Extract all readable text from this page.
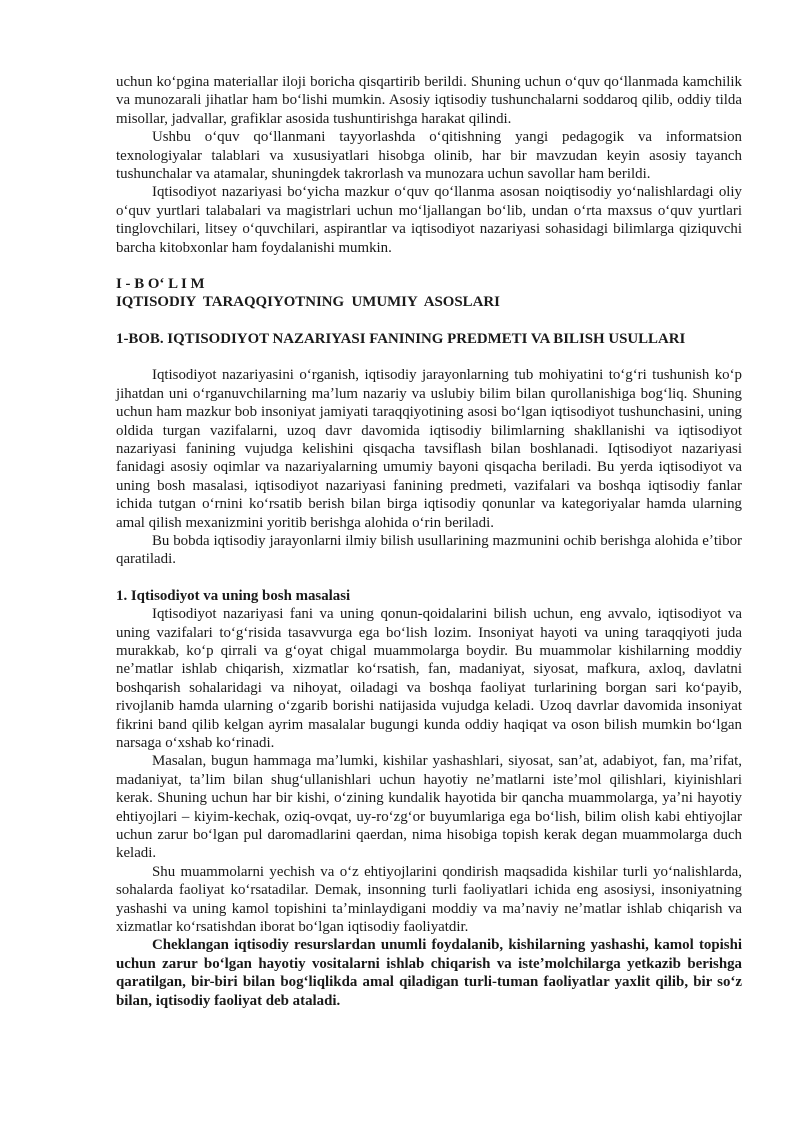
uchun koʻpgina materiallar iloji boricha qisqartirib berildi. Shuning uchun oʻquv qoʻllanmada kamchilik va munozarali jihatlar ham boʻlishi mumkin. Asosiy iqtisodiy tushunchalarni soddaroq qilib, oddiy tilda misollar, jadvallar, grafiklar asosida tushuntirishga harakat qilindi.

Ushbu oʻquv qoʻllanmani tayyorlashda oʻqitishning yangi pedagogik va informatsion texnologiyalar talablari va xususiyatlari hisobga olinib, har bir mavzudan keyin asosiy tayanch tushunchalar va atamalar, shuningdek takrorlash va munozara uchun savollar ham berildi.

Iqtisodiyot nazariyasi boʻyicha mazkur oʻquv qoʻllanma asosan noiqtisodiy yoʻnalishlardagi oliy oʻquv yurtlari talabalari va magistrlari uchun moʻljallangan boʻlib, undan oʻrta maxsus oʻquv yurtlari tinglovchilari, litsey oʻquvchilari, aspirantlar va iqtisodiyot nazariyasi sohasidagi bilimlarga qiziquvchi barcha kitobxonlar ham foydalanishi mumkin.

I - B O‘ L I M

IQTISODIY  TARAQQIYOTNING  UMUMIY  ASOSLARI

1-BOB. IQTISODIYOT NAZARIYASI FANINING PREDMETI VA BILISH USULLARI

Iqtisodiyot nazariyasini oʻrganish, iqtisodiy jarayonlarning tub mohiyatini toʻgʻri tushunish koʻp jihatdan uni oʻrganuvchilarning maʼlum nazariy va uslubiy bilim bilan qurollanishiga bogʻliq. Shuning uchun ham mazkur bob insoniyat jamiyati taraqqiyotining asosi boʻlgan iqtisodiyot tushunchasini, uning oldida turgan vazifalarni, uzoq davr davomida iqtisodiy bilimlarning shakllanishi va iqtisodiyot nazariyasi fanining vujudga kelishini qisqacha tavsiflash bilan boshlanadi. Iqtisodiyot nazariyasi fanidagi asosiy oqimlar va nazariyalarning umumiy bayoni qisqacha beriladi. Bu yerda iqtisodiyot va uning bosh masalasi, iqtisodiyot nazariyasi fanining predmeti, vazifalari va boshqa iqtisodiy fanlar ichida tutgan oʻrnini koʻrsatib berish bilan birga iqtisodiy qonunlar va kategoriyalar hamda ularning amal qilish mexanizmini yoritib berishga alohida oʻrin beriladi.

Bu bobda iqtisodiy jarayonlarni ilmiy bilish usullarining mazmunini ochib berishga alohida eʼtibor qaratiladi.

1. Iqtisodiyot va uning bosh masalasi

Iqtisodiyot nazariyasi fani va uning qonun-qoidalarini bilish uchun, eng avvalo, iqtisodiyot va uning vazifalari toʻgʻrisida tasavvurga ega boʻlish lozim. Insoniyat hayoti va uning taraqqiyoti juda murakkab, koʻp qirrali va gʻoyat chigal muammolarga boydir. Bu muammolar kishilarning moddiy neʼmatlar ishlab chiqarish, xizmatlar koʻrsatish, fan, madaniyat, siyosat, mafkura, axloq, davlatni boshqarish sohalaridagi va nihoyat, oiladagi va boshqa faoliyat turlarining borgan sari koʻpayib, rivojlanib hamda ularning oʻzgarib borishi natijasida vujudga keladi. Uzoq davrlar davomida insoniyat fikrini band qilib kelgan ayrim masalalar bugungi kunda oddiy haqiqat va oson bilish mumkin boʻlgan narsaga oʻxshab koʻrinadi.

Masalan, bugun hammaga maʼlumki, kishilar yashashlari, siyosat, sanʼat, adabiyot, fan, maʼrifat, madaniyat, taʼlim bilan shugʻullanishlari uchun hayotiy neʼmatlarni isteʼmol qilishlari, kiyinishlari kerak. Shuning uchun har bir kishi, oʻzining kundalik hayotida bir qancha muammolarga, yaʼni hayotiy ehtiyojlari – kiyim-kechak, oziq-ovqat, uy-roʻzgʻor buyumlariga ega boʻlish, bilim olish kabi ehtiyojlar uchun zarur boʻlgan pul daromadlarini qaerdan, nima hisobiga topish kerak degan muammolarga duch keladi.

Shu muammolarni yechish va oʻz ehtiyojlarini qondirish maqsadida kishilar turli yoʻnalishlarda, sohalarda faoliyat koʻrsatadilar. Demak, insonning turli faoliyatlari ichida eng asosiysi, insoniyatning yashashi va uning kamol topishini taʼminlaydigani moddiy va maʼnaviy neʼmatlar ishlab chiqarish va xizmatlar koʻrsatishdan iborat boʻlgan iqtisodiy faoliyatdir.

Cheklangan iqtisodiy resurslardan unumli foydalanib, kishilarning yashashi, kamol topishi uchun zarur boʻlgan hayotiy vositalarni ishlab chiqarish va isteʼmolchilarga yetkazib berishga qaratilgan, bir-biri bilan bogʻliqlikda amal qiladigan turli-tuman faoliyatlar yaxlit qilib, bir soʻz bilan, iqtisodiy faoliyat deb ataladi.
